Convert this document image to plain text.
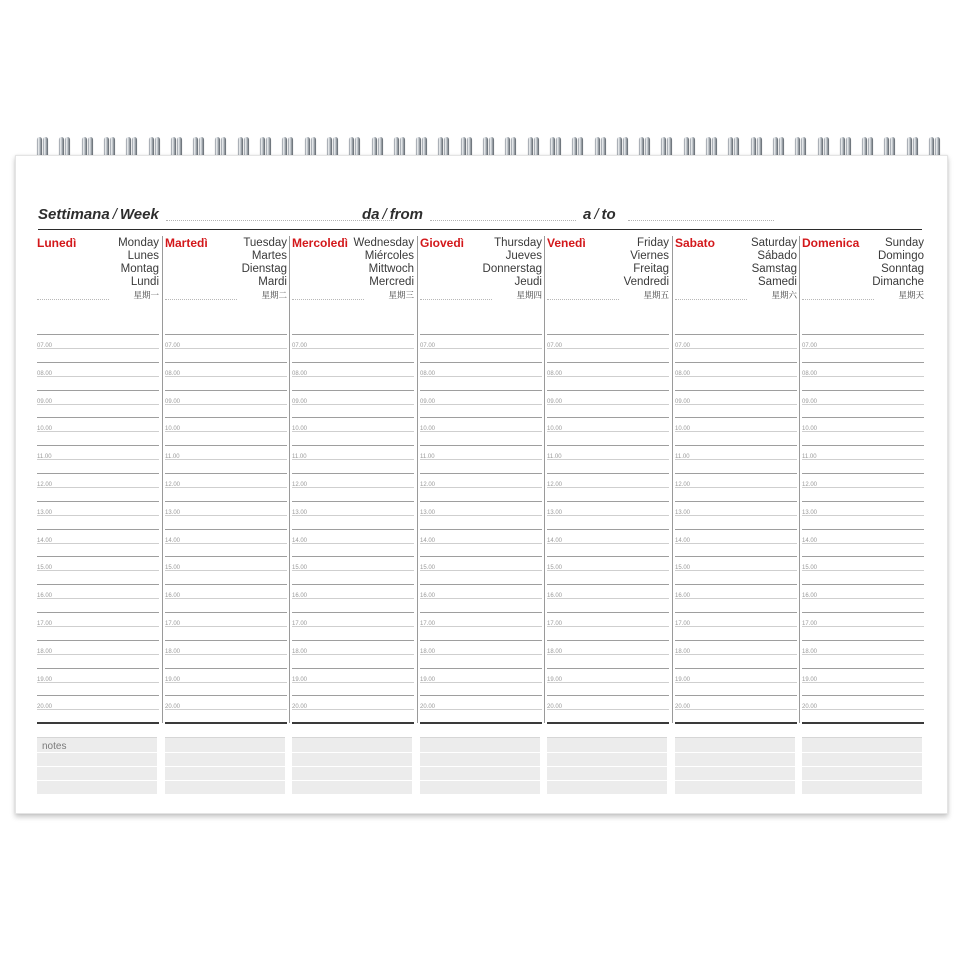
Settimana / Week	da / from	a / to
Lunedì	Monday
Lunes
Montag
Lundi
星期一
07.00
08.00
09.00
10.00
11.00
12.00
13.00
14.00
15.00
16.00
17.00
18.00
19.00
20.00
notes
Martedì	Tuesday
Martes
Dienstag
Mardi
星期二
07.00
08.00
09.00
10.00
11.00
12.00
13.00
14.00
15.00
16.00
17.00
18.00
19.00
20.00
Mercoledì Wednesday
Miércoles
Mittwoch
Mercredi
星期三
07.00
08.00
09.00
10.00
11.00
12.00
13.00
14.00
15.00
16.00
17.00
18.00
19.00
20.00
Giovedì	Thursday
Jueves
Donnerstag
Jeudi
星期四
07.00
08.00
09.00
10.00
11.00
12.00
13.00
14.00
15.00
16.00
17.00
18.00
19.00
20.00
Venedì	Friday
Viernes
Freitag
Vendredi
星期五
07.00
08.00
09.00
10.00
11.00
12.00
13.00
14.00
15.00
16.00
17.00
18.00
19.00
20.00
Sabato	Saturday
Sábado
Samstag
Samedi
星期六
07.00
08.00
09.00
10.00
11.00
12.00
13.00
14.00
15.00
16.00
17.00
18.00
19.00
20.00
Domenica	Sunday
Domingo
Sonntag
Dimanche
星期天
07.00
08.00
09.00
10.00
11.00
12.00
13.00
14.00
15.00
16.00
17.00
18.00
19.00
20.00
